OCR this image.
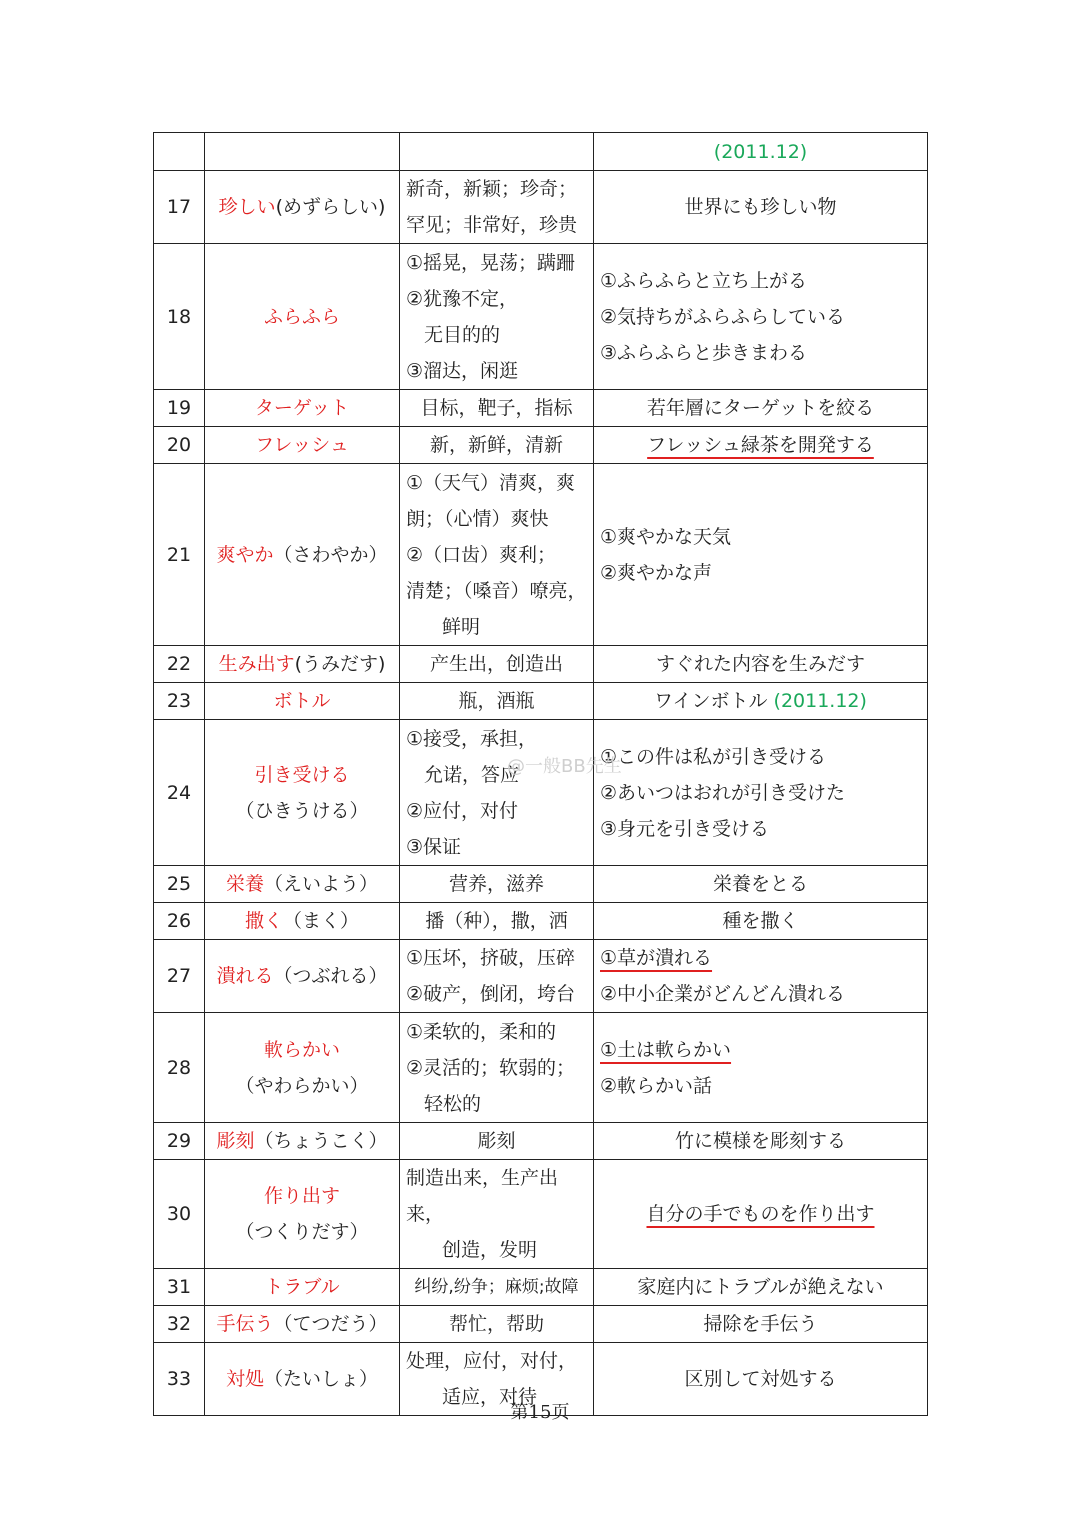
			(2011.12)
17	珍しい(めずらしい)	新奇，新颖；珍奇；
罕见；非常好，珍贵	世界にも珍しい物
18	ふらふら	①摇晃，晃荡；蹒跚
②犹豫不定，
无目的的
③溜达，闲逛	①ふらふらと立ち上がる
②気持ちがふらふらしている
③ふらふらと歩きまわる

19	ターゲット	目标，靶子，指标	若年層にターゲットを絞る
20	フレッシュ	新，新鲜，清新	フレッシュ緑茶を開発する
21	爽やか（さわやか）	①（天气）清爽，爽
朗；（心情）爽快
②（口齿）爽利；
清楚；（嗓音）嘹亮，
鲜明	①爽やかな天気
②爽やかな声

22	生み出す(うみだす)	产生出，创造出	すぐれた内容を生みだす
23	ボトル	瓶，酒瓶	ワインボトル (2011.12)
24	引き受ける
（ひきうける）	①接受，承担，
允诺，答应
②应付，对付
③保证	①この件は私が引き受ける
②あいつはおれが引き受けた
③身元を引き受ける

25	栄養（えいよう）	营养，滋养	栄養をとる
26	撒く（まく）	播（种），撒，洒	種を撒く
27	潰れる（つぶれる）	①压坏，挤破，压碎
②破产，倒闭，垮台	①草が潰れる
②中小企業がどんどん潰れる

28	軟らかい
（やわらかい）	①柔软的，柔和的
②灵活的；软弱的；
轻松的	①土は軟らかい
②軟らかい話

29	彫刻（ちょうこく）	彫刻	竹に模様を彫刻する
30	作り出す
（つくりだす）	制造出来，生产出来，
创造，发明	自分の手でものを作り出す
31	トラブル	纠纷,纷争；麻烦;故障	家庭内にトラブルが絶えない
32	手伝う（てつだう）	帮忙，帮助	掃除を手伝う
33	対処（たいしょ）	处理，应付，对付，
适应，对待	区別して対処する
@一般BB先生
第15页
